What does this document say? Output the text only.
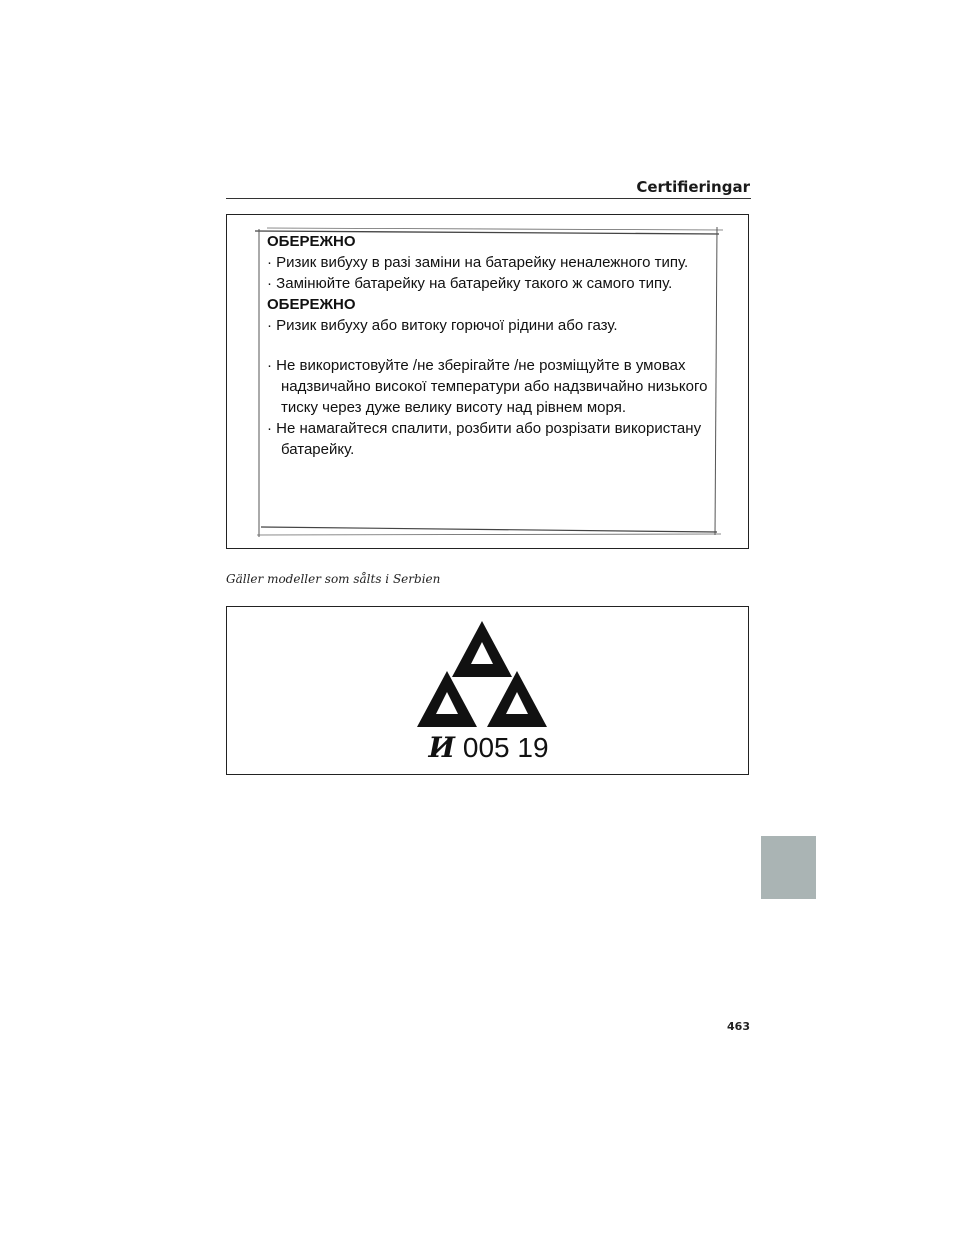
Certifieringar

ОБЕРЕЖНО

· Ризик вибуху в разі заміни на батарейку неналежного типу.

· Замінюйте батарейку на батарейку такого ж самого типу.

ОБЕРЕЖНО

· Ризик вибуху або витоку горючої рідини або газу.

· Не використовуйте /не зберігайте /не розміщуйте в умовах

надзвичайно високої температури або надзвичайно низького

тиску через дуже велику висоту над рівнем моря.

· Не намагайтеся спалити, розбити або розрізати використану

батарейку.

Gäller modeller som sålts i Serbien
И 005 19
463
